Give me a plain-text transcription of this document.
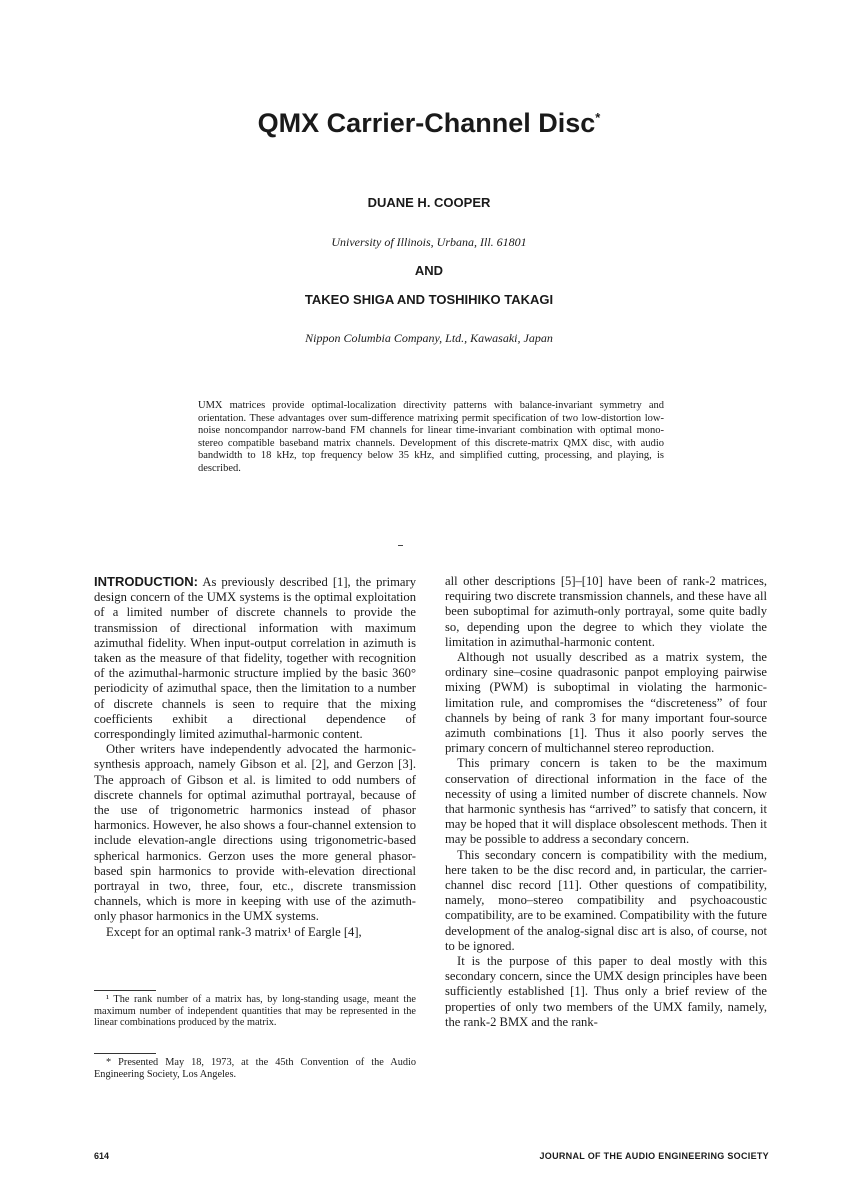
QMX Carrier-Channel Disc*
DUANE H. COOPER
University of Illinois, Urbana, Ill. 61801
AND
TAKEO SHIGA AND TOSHIHIKO TAKAGI
Nippon Columbia Company, Ltd., Kawasaki, Japan

UMX matrices provide optimal-localization directivity patterns with balance-invariant symmetry and orientation. These advantages over sum-difference matrixing permit specification of two low-distortion low-noise noncompandor narrow-band FM channels for linear time-invariant combination with optimal mono-stereo compatible baseband matrix channels. Development of this discrete-matrix QMX disc, with audio bandwidth to 18 kHz, top frequency below 35 kHz, and simplified cutting, processing, and playing, is described.

INTRODUCTION: As previously described [1], the primary design concern of the UMX systems is the optimal exploitation of a limited number of discrete channels to provide the transmission of directional information with maximum azimuthal fidelity. When input-output correlation in azimuth is taken as the measure of that fidelity, together with recognition of the azimuthal-harmonic structure implied by the basic 360° periodicity of azimuthal space, then the limitation to a number of discrete channels is seen to require that the mixing coefficients exhibit a directional dependence of correspondingly limited azimuthal-harmonic content.

Other writers have independently advocated the harmonic-synthesis approach, namely Gibson et al. [2], and Gerzon [3]. The approach of Gibson et al. is limited to odd numbers of discrete channels for optimal azimuthal portrayal, because of the use of trigonometric harmonics instead of phasor harmonics. However, he also shows a four-channel extension to include elevation-angle directions using trigonometric-based spherical harmonics. Gerzon uses the more general phasor-based spin harmonics to provide with-elevation directional portrayal in two, three, four, etc., discrete transmission channels, which is more in keeping with use of the azimuth-only phasor harmonics in the UMX systems.

Except for an optimal rank-3 matrix¹ of Eargle [4],

all other descriptions [5]–[10] have been of rank-2 matrices, requiring two discrete transmission channels, and these have all been suboptimal for azimuth-only portrayal, some quite badly so, depending upon the degree to which they violate the limitation in azimuthal-harmonic content.

Although not usually described as a matrix system, the ordinary sine–cosine quadrasonic panpot employing pairwise mixing (PWM) is suboptimal in violating the harmonic-limitation rule, and compromises the “discreteness” of four channels by being of rank 3 for many important four-source azimuth combinations [1]. Thus it also poorly serves the primary concern of multichannel stereo reproduction.

This primary concern is taken to be the maximum conservation of directional information in the face of the necessity of using a limited number of discrete channels. Now that harmonic synthesis has “arrived” to satisfy that concern, it may be hoped that it will displace obsolescent methods. Then it may be possible to address a secondary concern.

This secondary concern is compatibility with the medium, here taken to be the disc record and, in particular, the carrier-channel disc record [11]. Other questions of compatibility, namely, mono–stereo compatibility and psychoacoustic compatibility, are to be examined. Compatibility with the future development of the analog-signal disc art is also, of course, not to be ignored.

It is the purpose of this paper to deal mostly with this secondary concern, since the UMX design principles have been sufficiently established [1]. Thus only a brief review of the properties of only two members of the UMX family, namely, the rank-2 BMX and the rank-

¹ The rank number of a matrix has, by long-standing usage, meant the maximum number of independent quantities that may be represented in the linear combinations produced by the matrix.

* Presented May 18, 1973, at the 45th Convention of the Audio Engineering Society, Los Angeles.

614	JOURNAL OF THE AUDIO ENGINEERING SOCIETY
